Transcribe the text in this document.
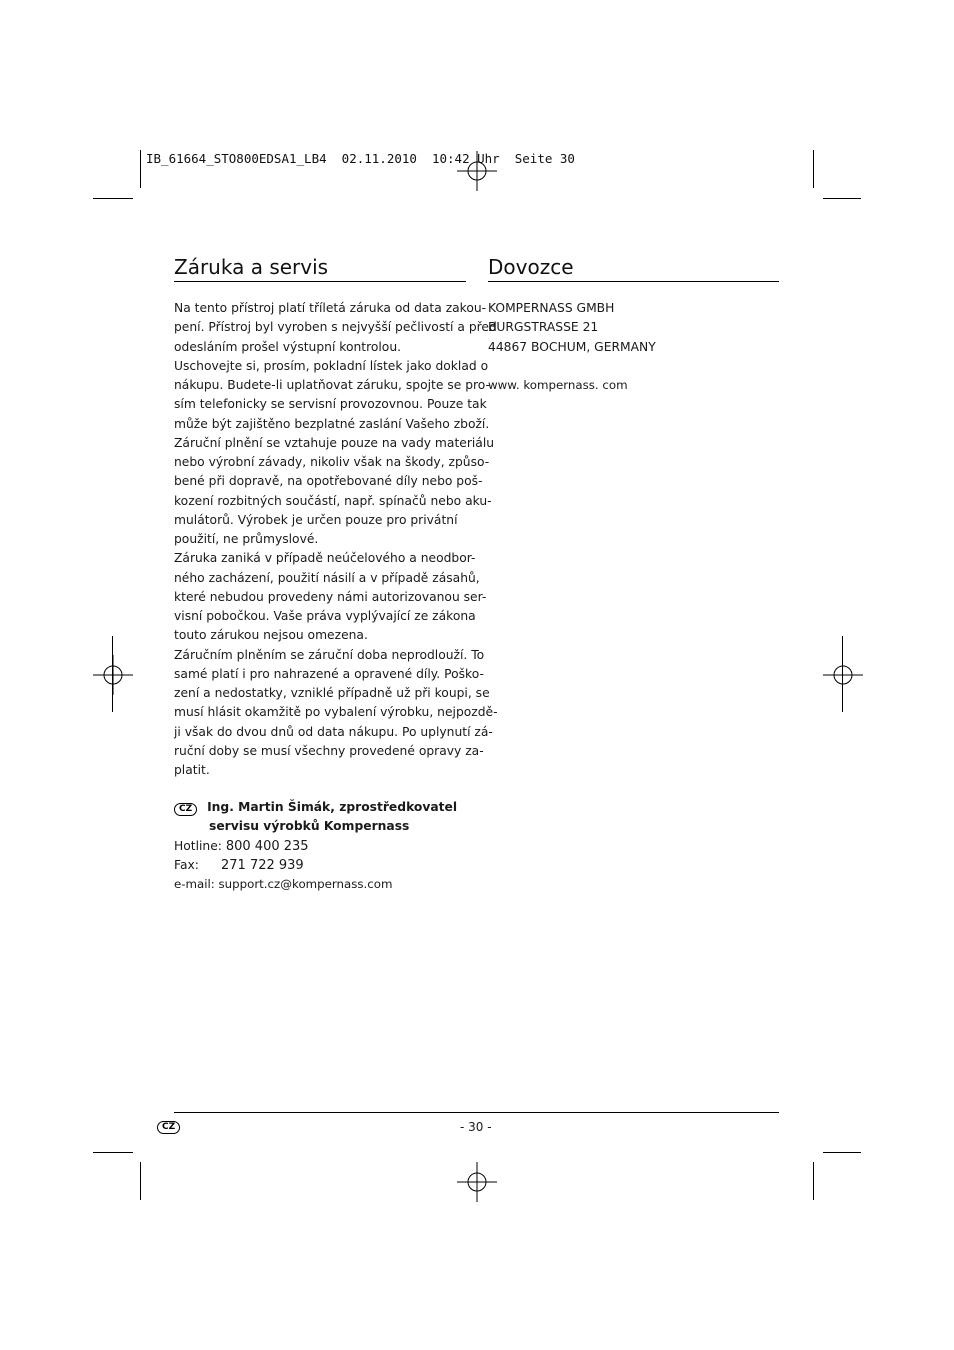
IB_61664_STO800EDSA1_LB4  02.11.2010  10:42 Uhr  Seite 30
Záruka a servis
Na tento přístroj platí tříletá záruka od data zakou-
pení. Přístroj byl vyroben s nejvyšší pečlivostí a před
odesláním prošel výstupní kontrolou.
Uschovejte si, prosím, pokladní lístek jako doklad o
nákupu. Budete-li uplatňovat záruku, spojte se pro-
sím telefonicky se servisní provozovnou. Pouze tak
může být zajištěno bezplatné zaslání Vašeho zboží.
Záruční plnění se vztahuje pouze na vady materiálu
nebo výrobní závady, nikoliv však na škody, způso-
bené při dopravě, na opotřebované díly nebo poš-
kození rozbitných součástí, např. spínačů nebo aku-
mulátorů. Výrobek je určen pouze pro privátní
použití, ne průmyslové.
Záruka zaniká v případě neúčelového a neodbor-
ného zacházení, použití násilí a v případě zásahů,
které nebudou provedeny námi autorizovanou ser-
visní pobočkou. Vaše práva vyplývající ze zákona
touto zárukou nejsou omezena.
Záručním plněním se záruční doba neprodlouží. To
samé platí i pro nahrazené a opravené díly. Poško-
zení a nedostatky, vzniklé případně už při koupi, se
musí hlásit okamžitě po vybalení výrobku, nejpozdě-
ji však do dvou dnů od data nákupu. Po uplynutí zá-
ruční doby se musí všechny provedené opravy za-
platit.
CZ Ing. Martin Šimák, zprostředkovatel
servisu výrobků Kompernass
Hotline: 800 400 235
Fax: 271 722 939
e-mail: support.cz@kompernass.com
Dovozce
KOMPERNASS GMBH
BURGSTRASSE 21
44867 BOCHUM, GERMANY
www. kompernass. com
CZ	- 30 -
